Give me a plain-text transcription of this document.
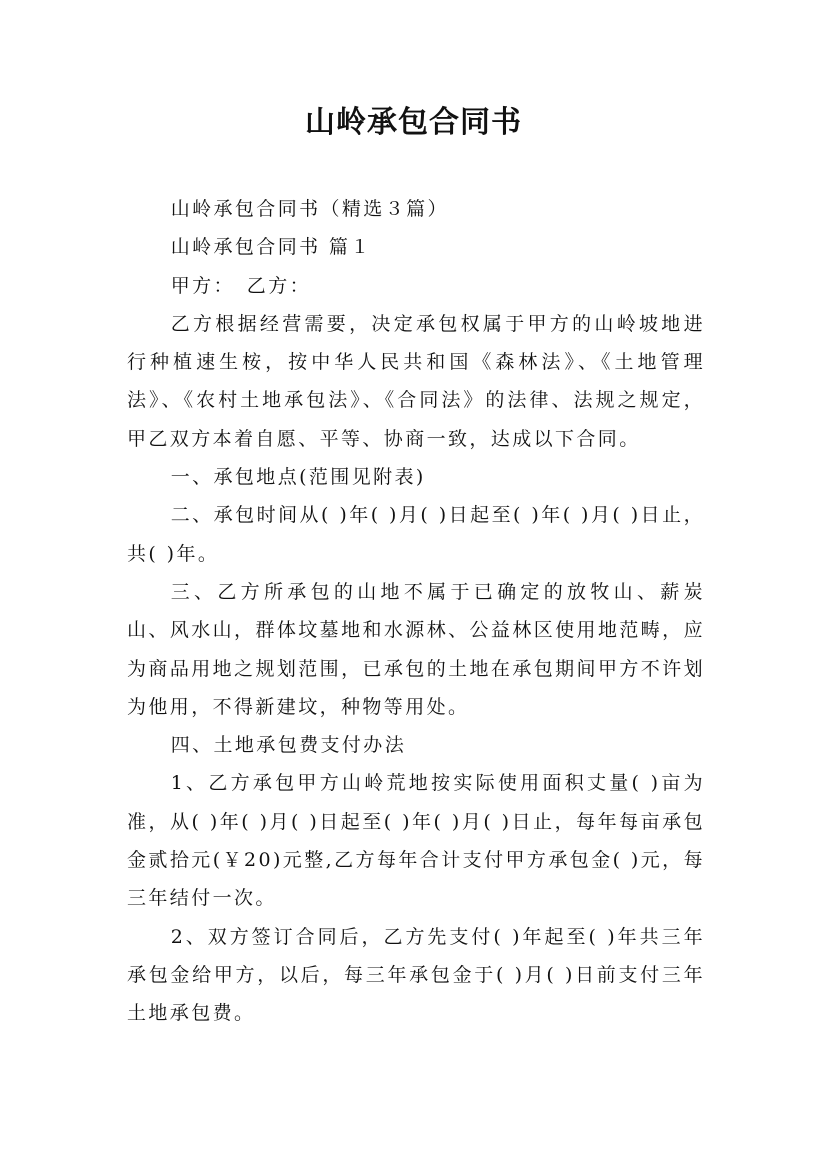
山岭承包合同书

山岭承包合同书（精选３篇）

山岭承包合同书 篇１

甲方：　乙方：

乙方根据经营需要，决定承包权属于甲方的山岭坡地进行种植速生桉，按中华人民共和国《森林法》、《土地管理法》、《农村土地承包法》、《合同法》的法律、法规之规定，甲乙双方本着自愿、平等、协商一致，达成以下合同。

一、承包地点(范围见附表)

二、承包时间从( )年( )月( )日起至( )年( )月( )日止，共( )年。

三、乙方所承包的山地不属于已确定的放牧山、薪炭山、风水山，群体坟墓地和水源林、公益林区使用地范畴，应为商品用地之规划范围，已承包的土地在承包期间甲方不许划为他用，不得新建坟，种物等用处。

四、土地承包费支付办法

1、乙方承包甲方山岭荒地按实际使用面积丈量( )亩为准，从( )年( )月( )日起至( )年( )月( )日止，每年每亩承包金贰拾元(￥20)元整,乙方每年合计支付甲方承包金( )元，每三年结付一次。

2、双方签订合同后，乙方先支付( )年起至( )年共三年承包金给甲方，以后，每三年承包金于( )月( )日前支付三年土地承包费。
